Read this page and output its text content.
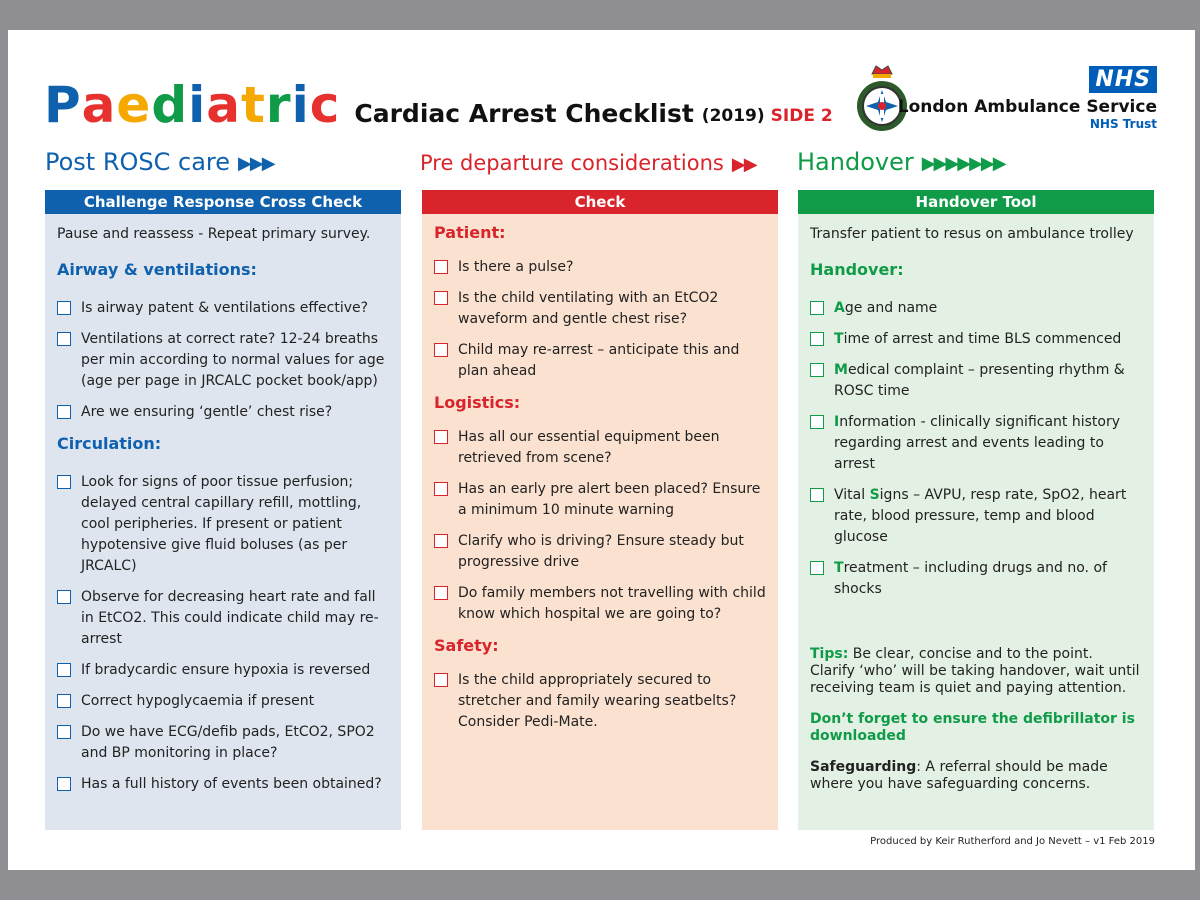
Paediatric Cardiac Arrest Checklist (2019) SIDE 2
NHS
London Ambulance Service
NHS Trust
Post ROSC care ▶▶▶	Pre departure considerations ▶▶ Handover ▶▶▶▶▶▶▶
Challenge Response Cross Check
Pause and reassess - Repeat primary survey.
Airway & ventilations:
Is airway patent & ventilations effective?
Ventilations at correct rate? 12-24 breaths per min according to normal values for age (age per page in JRCALC pocket book/app)
Are we ensuring ‘gentle’ chest rise?
Circulation:
Look for signs of poor tissue perfusion; delayed central capillary refill, mottling, cool peripheries. If present or patient hypotensive give fluid boluses (as per JRCALC)
Observe for decreasing heart rate and fall in EtCO2. This could indicate child may re-arrest
If bradycardic ensure hypoxia is reversed
Correct hypoglycaemia if present
Do we have ECG/defib pads, EtCO2, SPO2 and BP monitoring in place?
Has a full history of events been obtained?
Check
Patient:
Is there a pulse?
Is the child ventilating with an EtCO2 waveform and gentle chest rise?
Child may re-arrest – anticipate this and plan ahead
Logistics:
Has all our essential equipment been retrieved from scene?
Has an early pre alert been placed? Ensure a minimum 10 minute warning
Clarify who is driving? Ensure steady but progressive drive
Do family members not travelling with child know which hospital we are going to?
Safety:
Is the child appropriately secured to stretcher and family wearing seatbelts? Consider Pedi-Mate.
Handover Tool
Transfer patient to resus on ambulance trolley
Handover:
Age and name
Time of arrest and time BLS commenced
Medical complaint – presenting rhythm & ROSC time
Information - clinically significant history regarding arrest and events leading to arrest
Vital Signs – AVPU, resp rate, SpO2, heart rate, blood pressure, temp and blood glucose
Treatment – including drugs and no. of shocks
Tips: Be clear, concise and to the point. Clarify ‘who’ will be taking handover, wait until receiving team is quiet and paying attention.
Don’t forget to ensure the defibrillator is downloaded
Safeguarding: A referral should be made where you have safeguarding concerns.
Produced by Keir Rutherford and Jo Nevett – v1 Feb 2019
